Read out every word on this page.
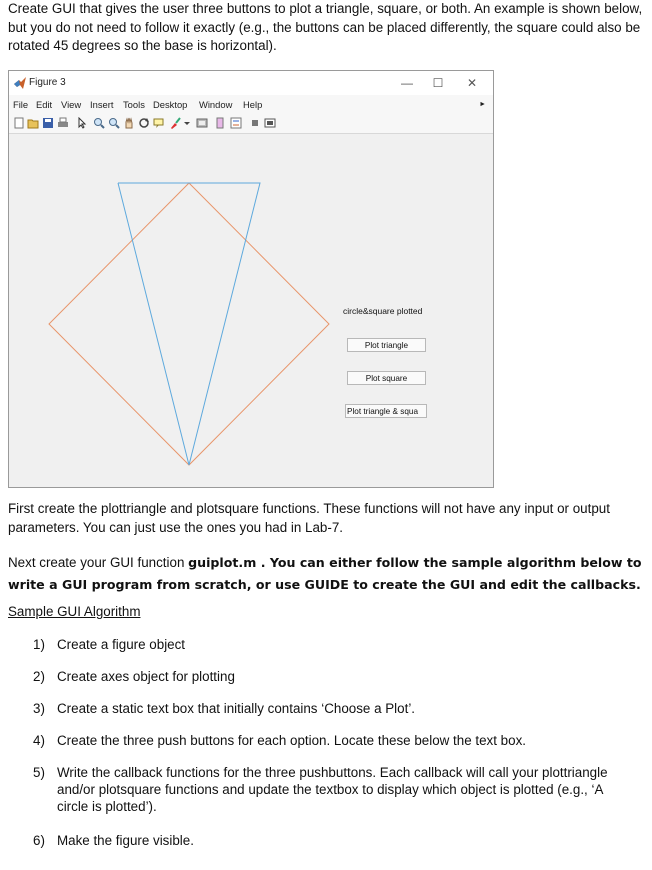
Create GUI that gives the user three buttons to plot a triangle, square, or both. An example is shown below, but you do not need to follow it exactly (e.g., the buttons can be placed differently, the square could also be rotated 45 degrees so the base is horizontal).

Figure 3	—	☐	✕
File Edit View Insert Tools Desktop Window Help	►
circle&square plotted
Plot triangle
Plot square
Plot triangle & squa

First create the plottriangle and plotsquare functions. These functions will not have any input or output parameters. You can just use the ones you had in Lab-7.

Next create your GUI function guiplot.m . You can either follow the sample algorithm below to write a GUI program from scratch, or use GUIDE to create the GUI and edit the callbacks.

Sample GUI Algorithm
1) Create a figure object
2) Create axes object for plotting
3) Create a static text box that initially contains ‘Choose a Plot’.
4) Create the three push buttons for each option. Locate these below the text box.
5) Write the callback functions for the three pushbuttons. Each callback will call your plottriangle and/or plotsquare functions and update the textbox to display which object is plotted (e.g., ‘A circle is plotted’).
6) Make the figure visible.
